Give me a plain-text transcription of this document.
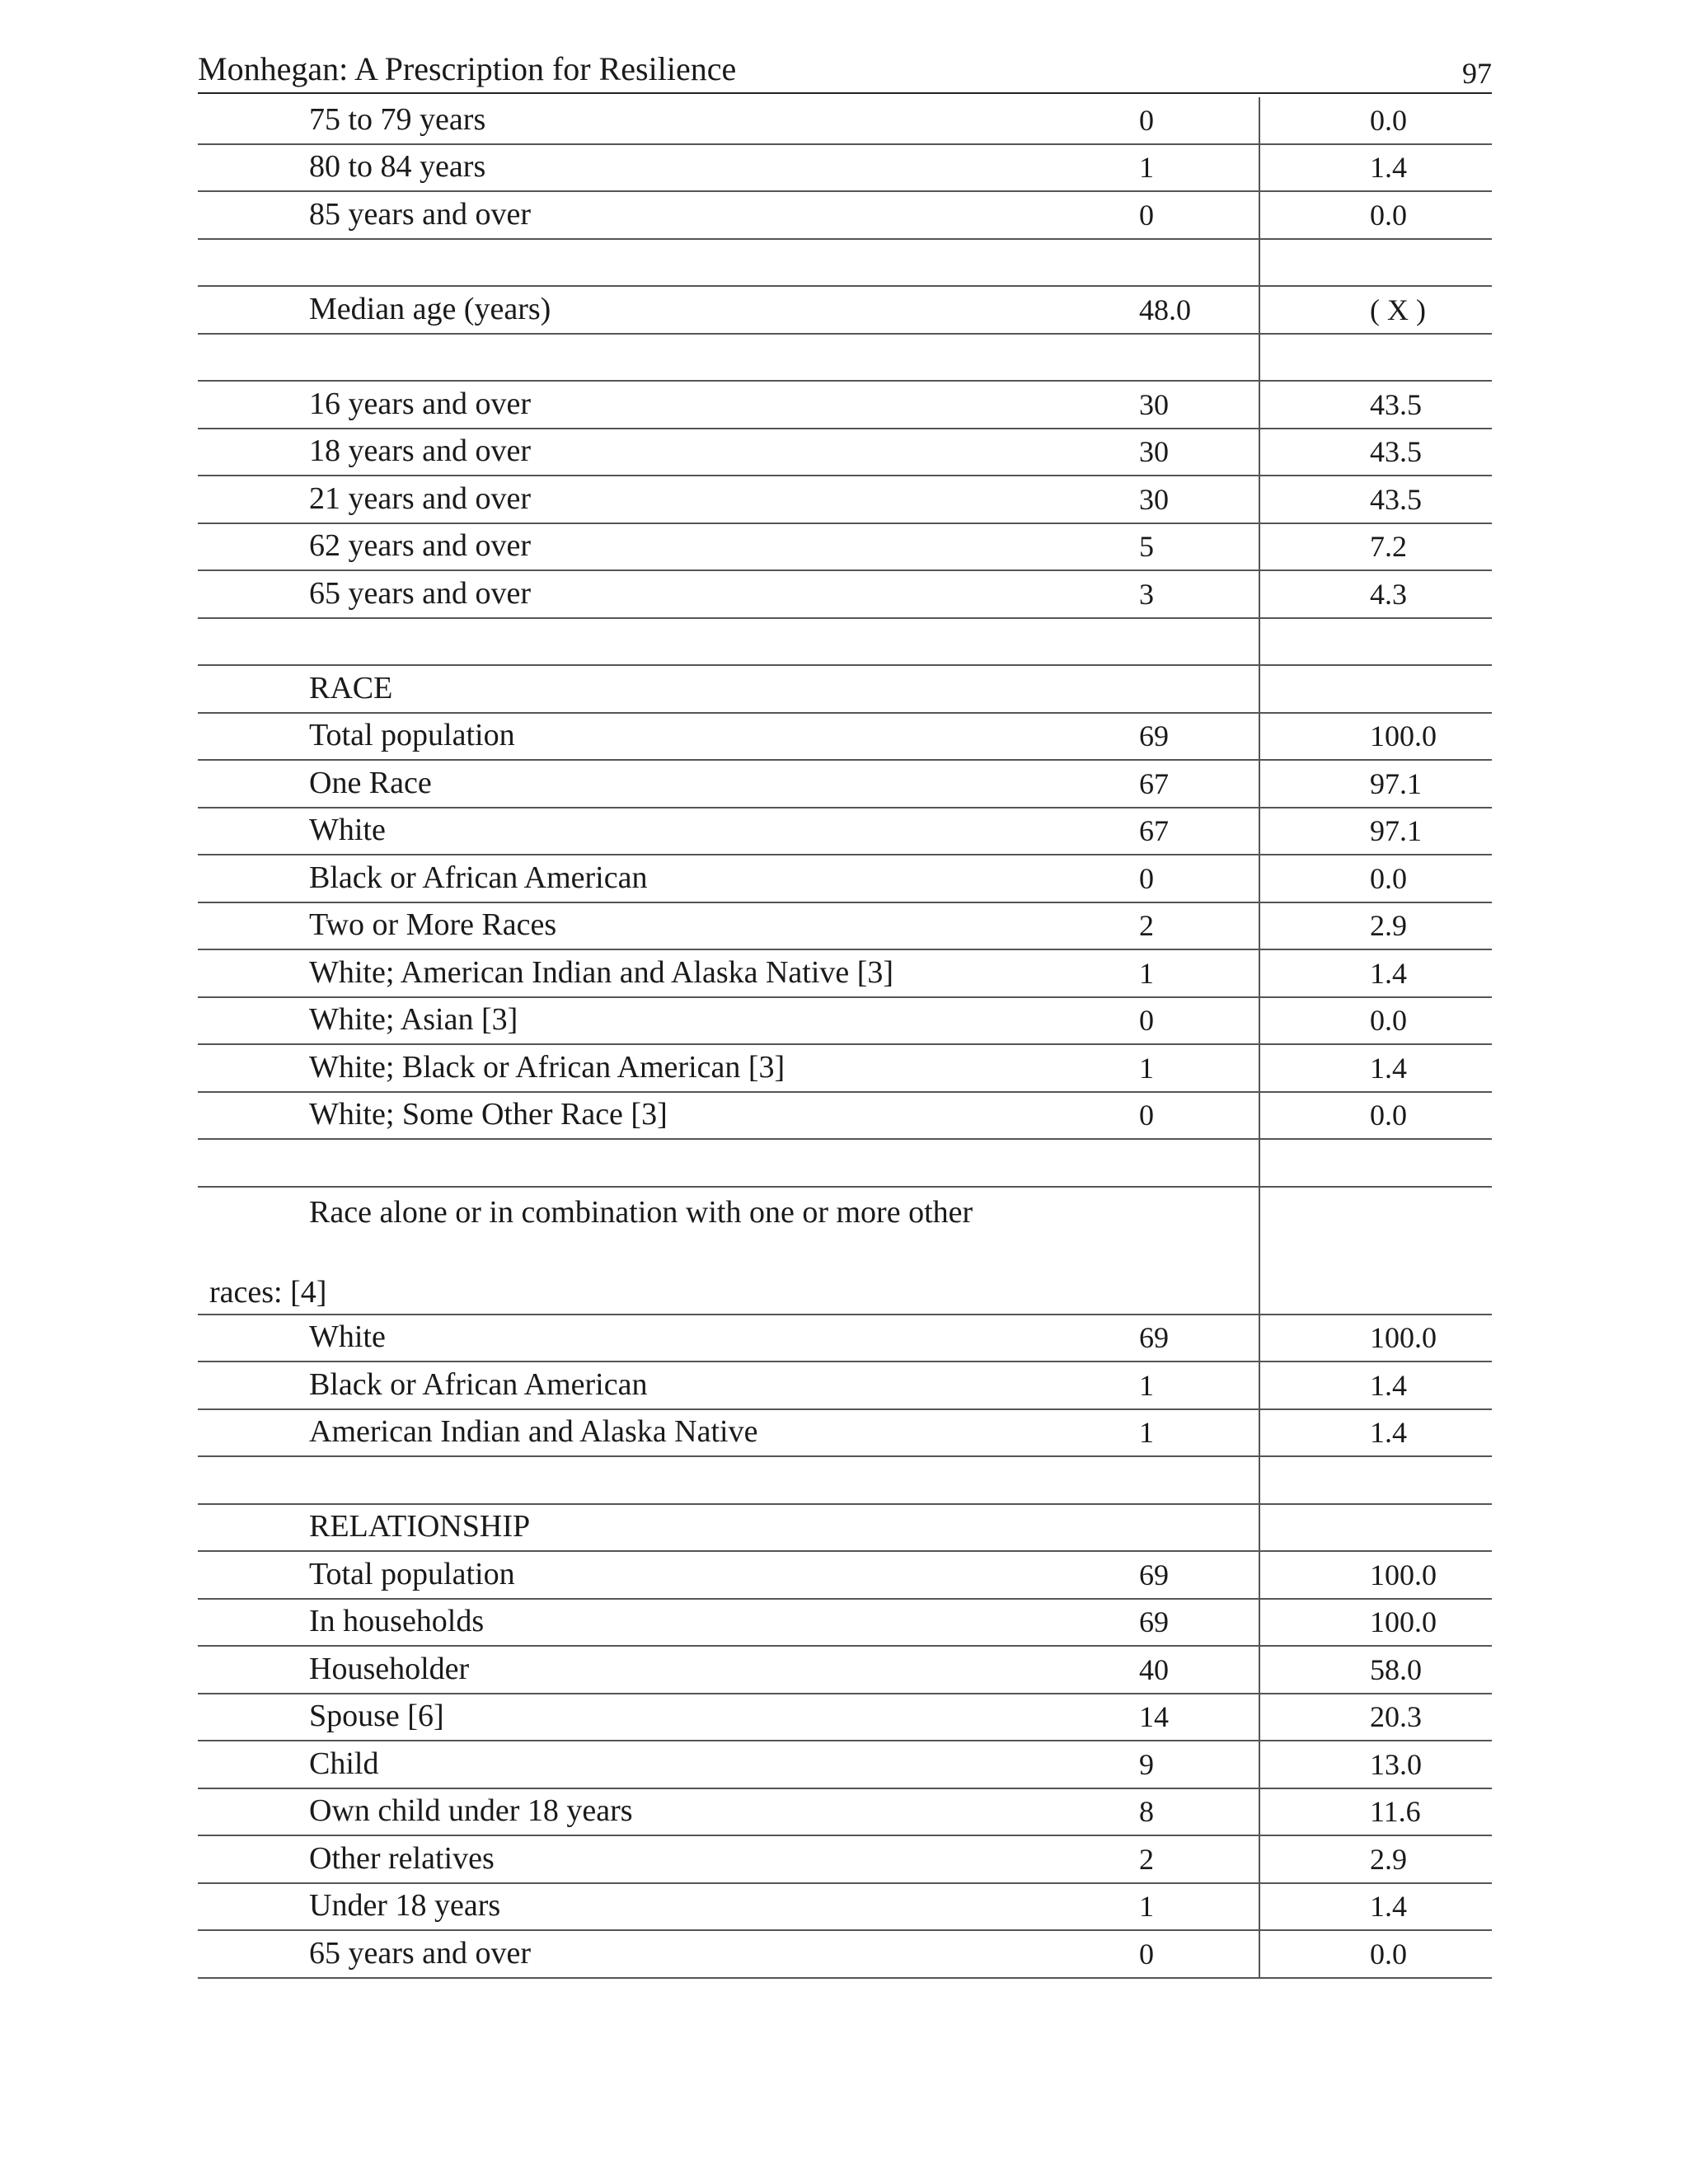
Monhegan: A Prescription for Resilience	97
75 to 79 years	0	0.0
80 to 84 years	1	1.4
85 years and over	0	0.0
Median age (years)	48.0	( X )
16 years and over	30	43.5
18 years and over	30	43.5
21 years and over	30	43.5
62 years and over	5	7.2
65 years and over	3	4.3
RACE
Total population	69	100.0
One Race	67	97.1
White	67	97.1
Black or African American	0	0.0
Two or More Races	2	2.9
White; American Indian and Alaska Native [3]	1	1.4
White; Asian [3]	0	0.0
White; Black or African American [3]	1	1.4
White; Some Other Race [3]	0	0.0
Race alone or in combination with one or more other
races: [4]
White	69	100.0
Black or African American	1	1.4
American Indian and Alaska Native	1	1.4
RELATIONSHIP
Total population	69	100.0
In households	69	100.0
Householder	40	58.0
Spouse [6]	14	20.3
Child	9	13.0
Own child under 18 years	8	11.6
Other relatives	2	2.9
Under 18 years	1	1.4
65 years and over	0	0.0
